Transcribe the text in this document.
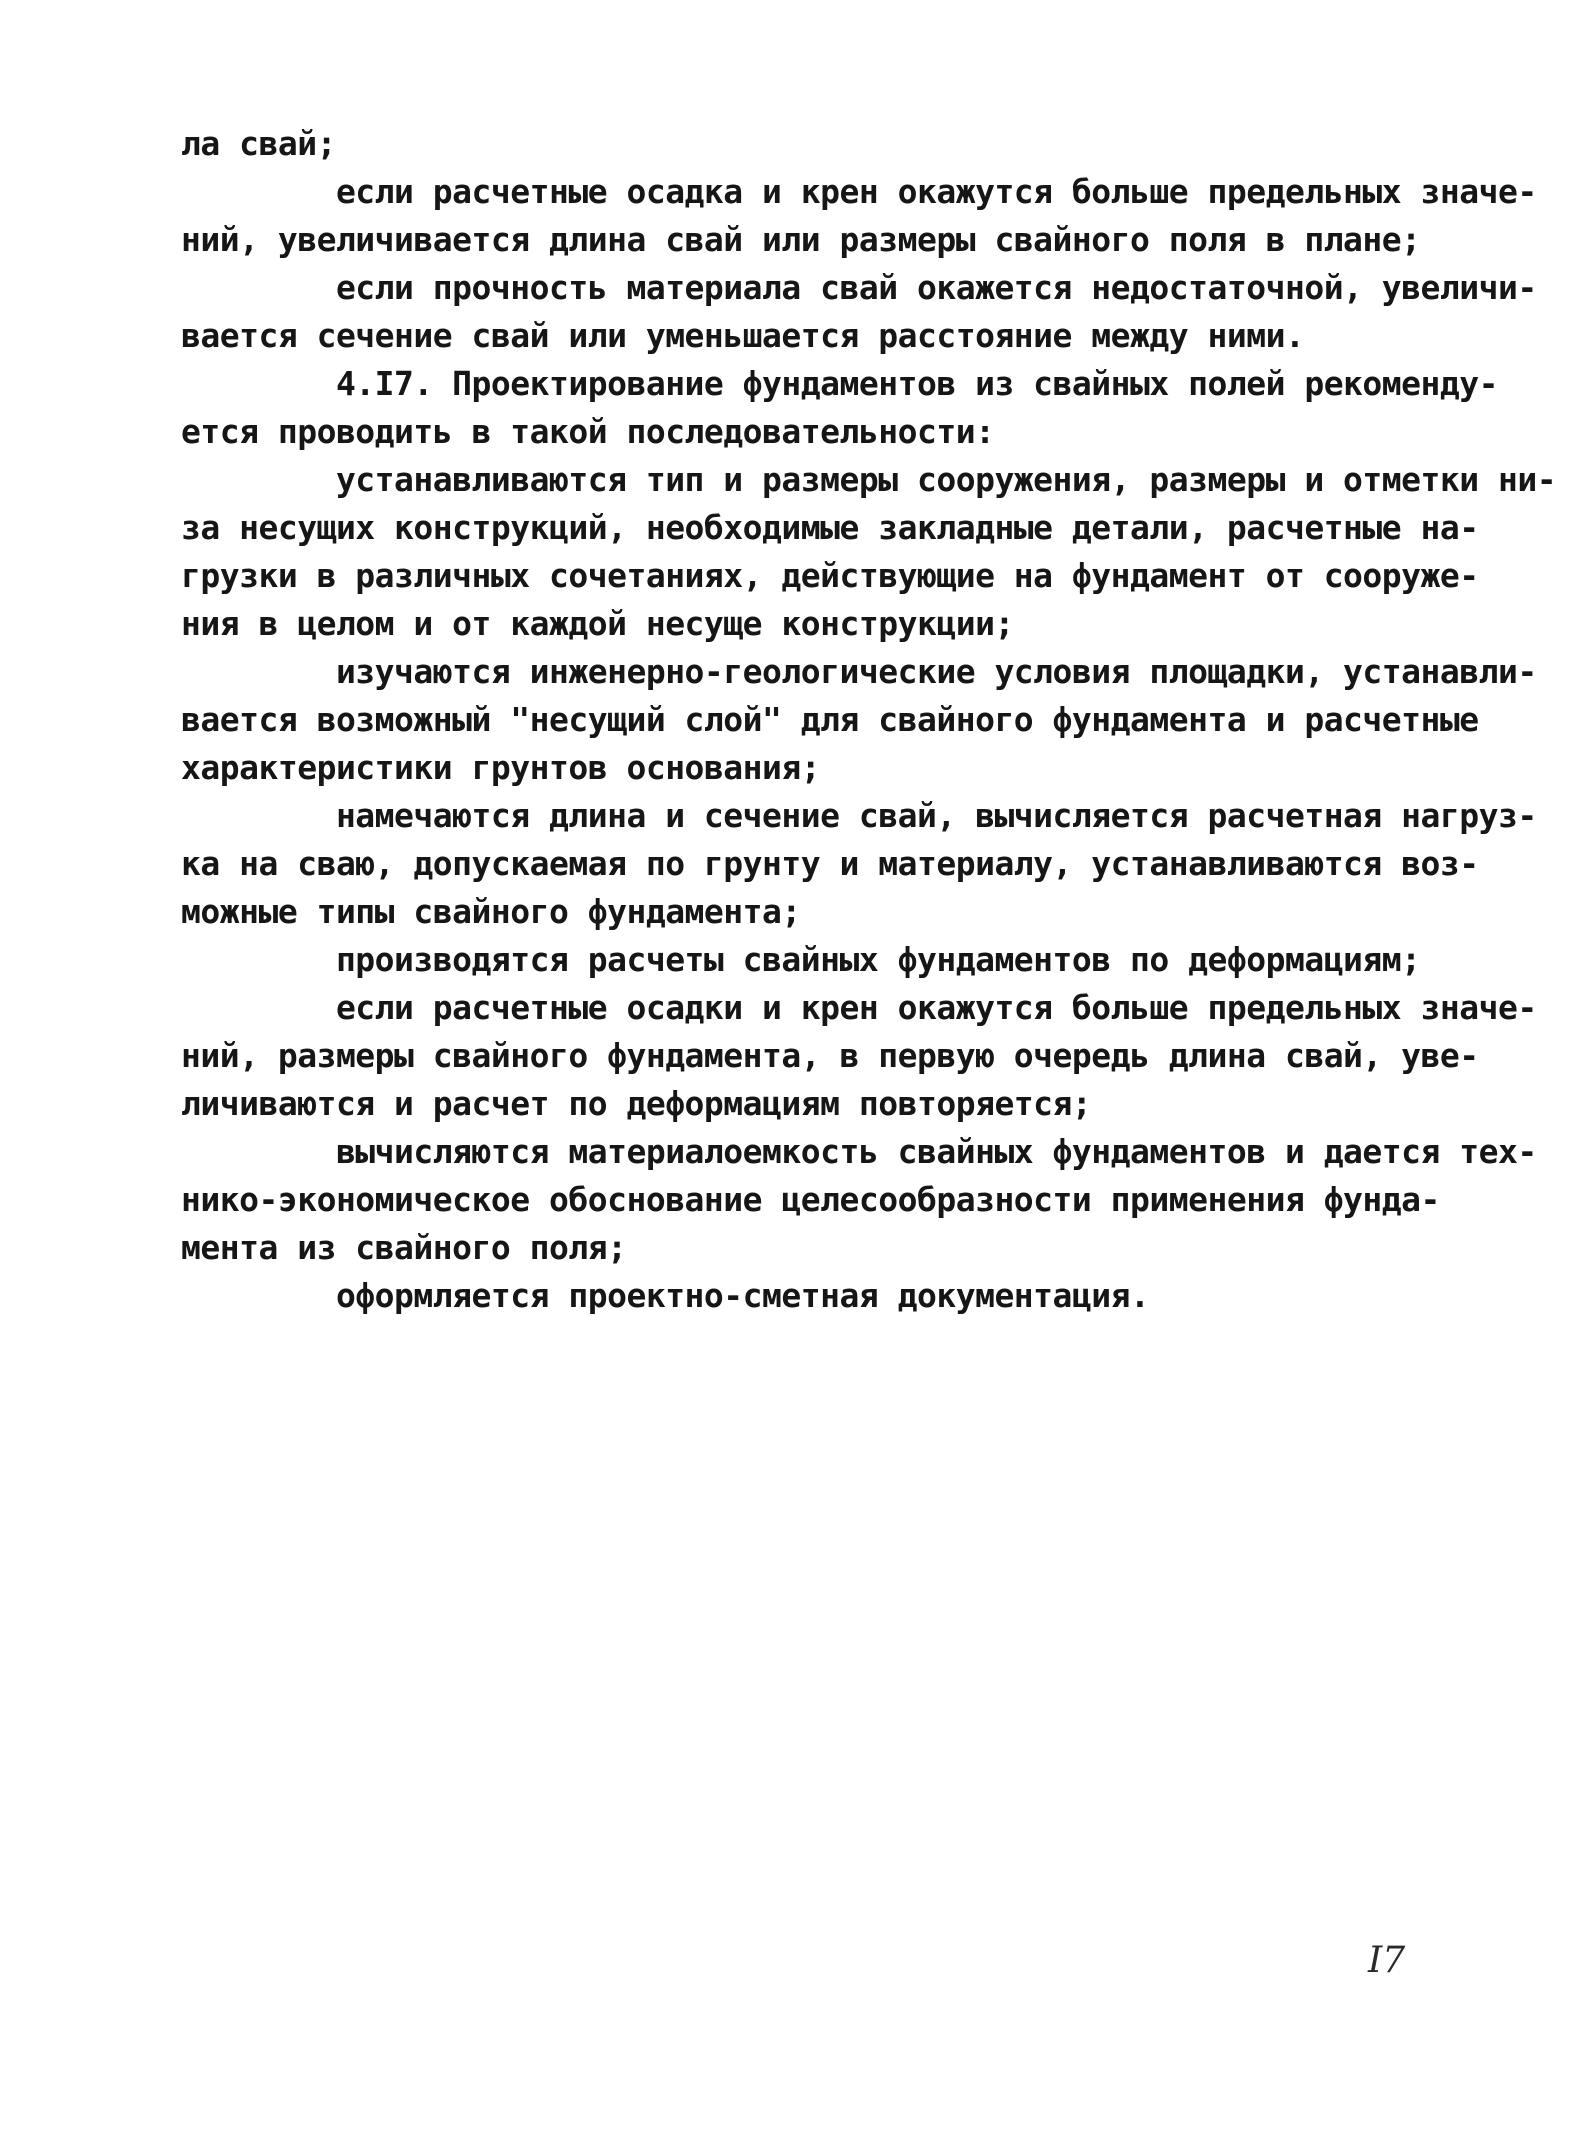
ла свай;
если расчетные осадка и крен окажутся больше предельных значе-
ний, увеличивается длина свай или размеры свайного поля в плане;
если прочность материала свай окажется недостаточной, увеличи-
вается сечение свай или уменьшается расстояние между ними.
4.I7. Проектирование фундаментов из свайных полей рекоменду-
ется проводить в такой последовательности:
устанавливаются тип и размеры сооружения, размеры и отметки ни-
за несущих конструкций, необходимые закладные детали, расчетные на-
грузки в различных сочетаниях, действующие на фундамент от сооруже-
ния в целом и от каждой несуще конструкции;
изучаются инженерно-геологические условия площадки, устанавли-
вается возможный "несущий слой" для свайного фундамента и расчетные
характеристики грунтов основания;
намечаются длина и сечение свай, вычисляется расчетная нагруз-
ка на сваю, допускаемая по грунту и материалу, устанавливаются воз-
можные типы свайного фундамента;
производятся расчеты свайных фундаментов по деформациям;
если расчетные осадки и крен окажутся больше предельных значе-
ний, размеры свайного фундамента, в первую очередь длина свай, уве-
личиваются и расчет по деформациям повторяется;
вычисляются материалоемкость свайных фундаментов и дается тех-
нико-экономическое обоснование целесообразности применения фунда-
мента из свайного поля;
оформляется проектно-сметная документация.
I7
